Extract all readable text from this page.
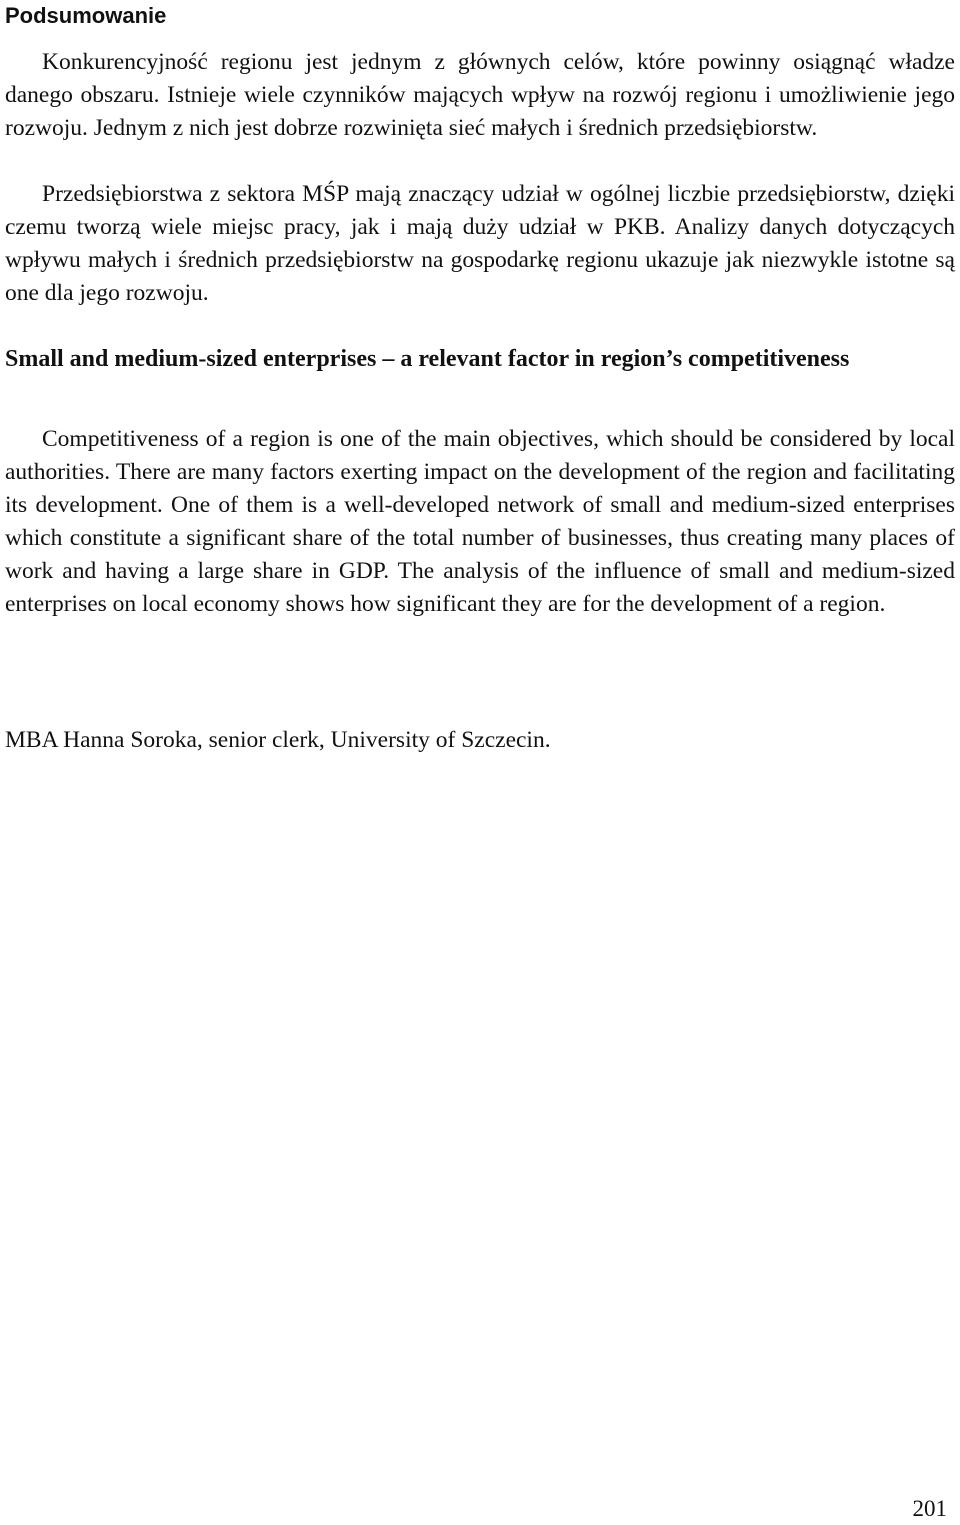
Podsumowanie

Konkurencyjność regionu jest jednym z głównych celów, które powinny osiągnąć władze danego obszaru. Istnieje wiele czynników mających wpływ na rozwój regionu i umożliwienie jego rozwoju. Jednym z nich jest dobrze rozwinięta sieć małych i średnich przedsiębiorstw.

Przedsiębiorstwa z sektora MŚP mają znaczący udział w ogólnej liczbie przedsiębiorstw, dzięki czemu tworzą wiele miejsc pracy, jak i mają duży udział w PKB. Analizy danych dotyczących wpływu małych i średnich przedsiębiorstw na gospodarkę regionu ukazuje jak niezwykle istotne są one dla jego rozwoju.

Small and medium-sized enterprises – a relevant factor in region’s competitiveness

Competitiveness of a region is one of the main objectives, which should be considered by local authorities. There are many factors exerting impact on the development of the region and facilitating its development. One of them is a well-developed network of small and medium-sized enterprises which constitute a significant share of the total number of businesses, thus creating many places of work and having a large share in GDP. The analysis of the influence of small and medium-sized enterprises on local economy shows how significant they are for the development of a region.

MBA Hanna Soroka, senior clerk, University of Szczecin.

201
